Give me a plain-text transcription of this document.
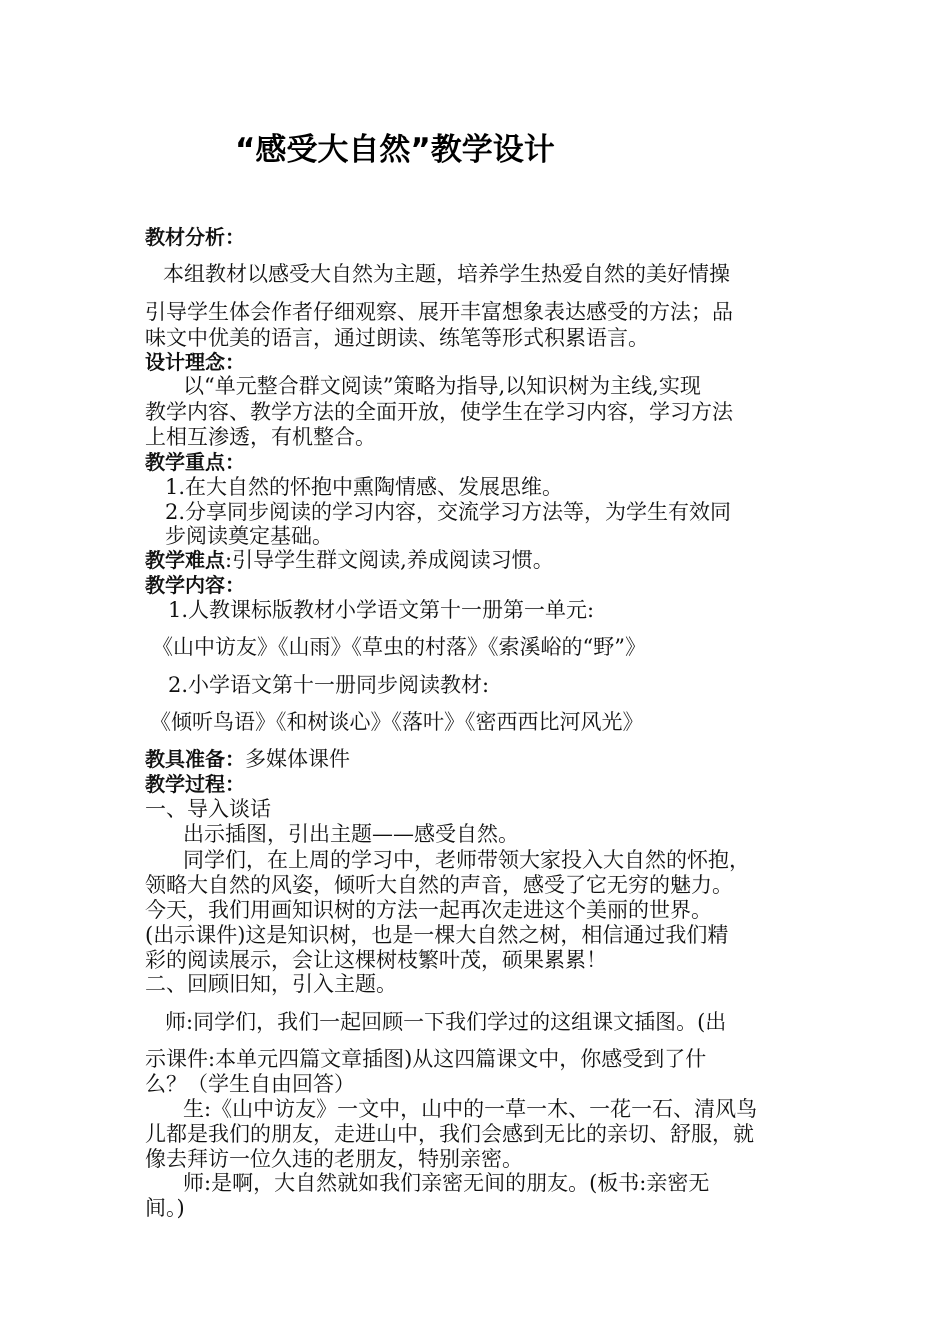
“感受大自然”教学设计
教材分析：
本组教材以感受大自然为主题，培养学生热爱自然的美好情操
引导学生体会作者仔细观察、展开丰富想象表达感受的方法；品
味文中优美的语言，通过朗读、练笔等形式积累语言。
设计理念：
以“单元整合群文阅读”策略为指导,以知识树为主线,实现
教学内容、教学方法的全面开放，使学生在学习内容，学习方法
上相互渗透，有机整合。
教学重点：
1.在大自然的怀抱中熏陶情感、发展思维。
2.分享同步阅读的学习内容，交流学习方法等，为学生有效同
步阅读奠定基础。
教学难点:引导学生群文阅读,养成阅读习惯。
教学内容：
1.人教课标版教材小学语文第十一册第一单元:
《山中访友》《山雨》《草虫的村落》《索溪峪的“野”》
2.小学语文第十一册同步阅读教材:
《倾听鸟语》《和树谈心》《落叶》《密西西比河风光》
教具准备：多媒体课件
教学过程：
一、导入谈话
出示插图，引出主题——感受自然。
同学们，在上周的学习中，老师带领大家投入大自然的怀抱，
领略大自然的风姿，倾听大自然的声音，感受了它无穷的魅力。
今天，我们用画知识树的方法一起再次走进这个美丽的世界。
(出示课件)这是知识树，也是一棵大自然之树，相信通过我们精
彩的阅读展示，会让这棵树枝繁叶茂，硕果累累！
二、回顾旧知，引入主题。
师:同学们，我们一起回顾一下我们学过的这组课文插图。(出
示课件:本单元四篇文章插图)从这四篇课文中，你感受到了什
么？（学生自由回答）
生:《山中访友》一文中，山中的一草一木、一花一石、清风鸟
儿都是我们的朋友，走进山中，我们会感到无比的亲切、舒服，就
像去拜访一位久违的老朋友，特别亲密。
师:是啊，大自然就如我们亲密无间的朋友。(板书:亲密无
间。)
